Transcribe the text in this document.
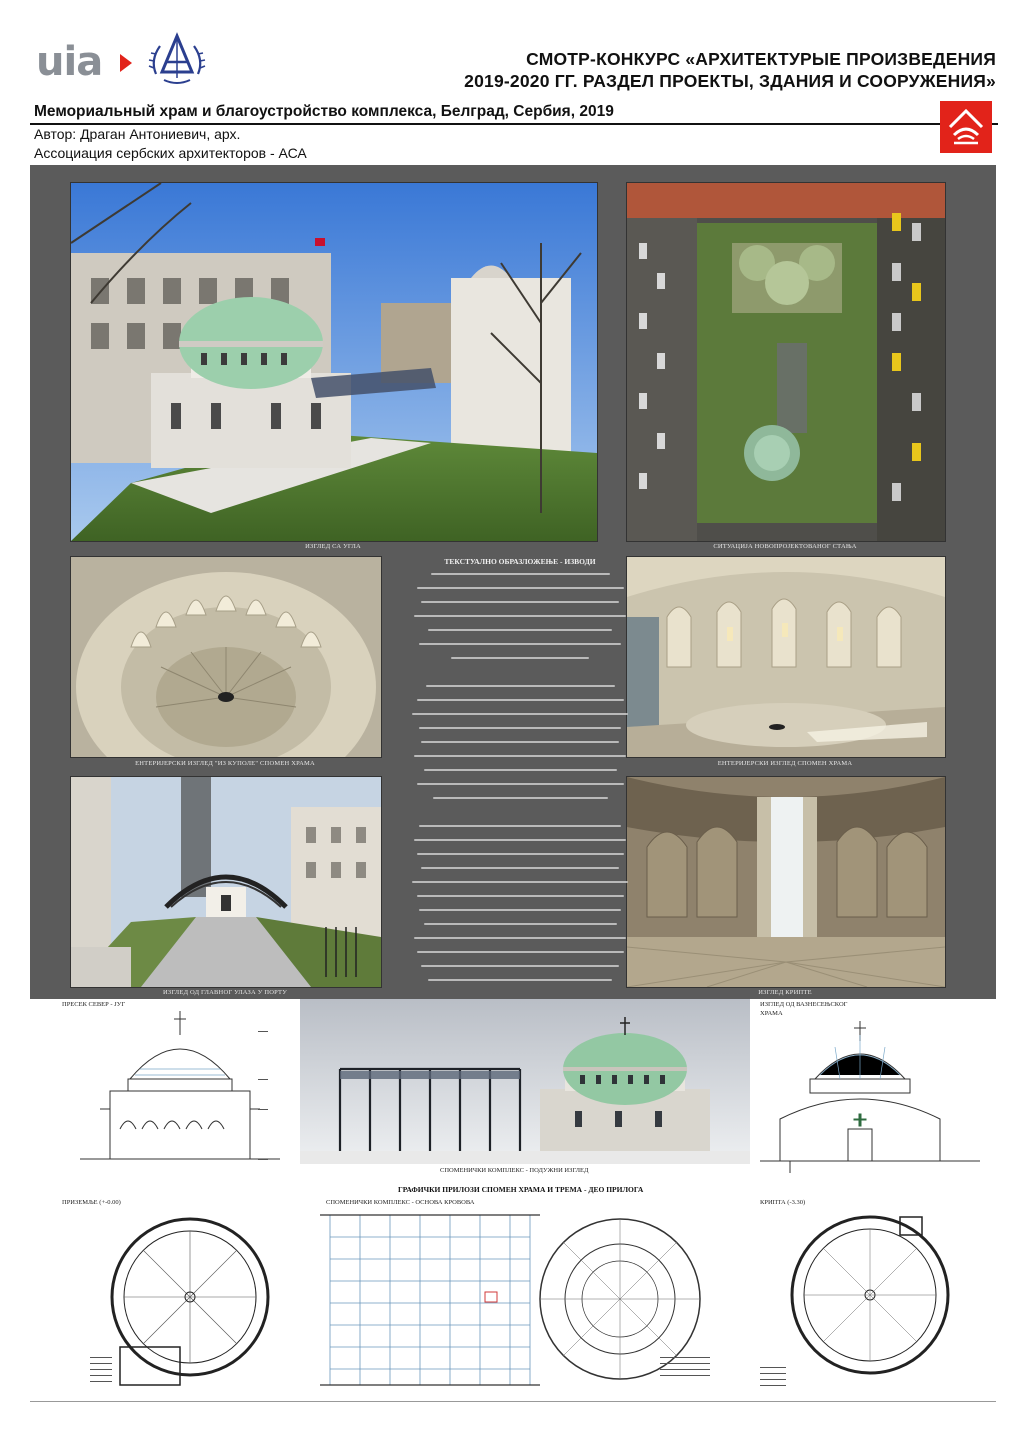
uia	СМОТР-КОНКУРС «АРХИТЕКТУРЫЕ ПРОИЗВЕДЕНИЯ
2019-2020 ГГ. РАЗДЕЛ ПРОЕКТЫ, ЗДАНИЯ И СООРУЖЕНИЯ»
Мемориальный храм и благоустройство комплекса, Белград, Сербия, 2019
Автор: Драган Антониевич, арх.
Ассоциация сербских архитекторов - АСА
ИЗГЛЕД СА УГЛА	СИТУАЦИЈА НОВОПРОЈЕКТОВАНОГ СТАЊА
ЕНТЕРИЈЕРСКИ ИЗГЛЕД "ИЗ КУПОЛЕ" СПОМЕН ХРАМА	ЕНТЕРИЈЕРСКИ ИЗГЛЕД СПОМЕН ХРАМА
ИЗГЛЕД ОД ГЛАВНОГ УЛАЗА У ПОРТУ	ИЗГЛЕД КРИПТЕ
ТЕКСТУАЛНО ОБРАЗЛОЖЕЊЕ - ИЗВОДИ
ПРЕСЕК СЕВЕР - ЈУГ
СПОМЕНИЧКИ КОМПЛЕКС - ПОДУЖНИ ИЗГЛЕД
ИЗГЛЕД ОД ВАЗНЕСЕЊСКОГ
ХРАМА
ГРАФИЧКИ ПРИЛОЗИ СПОМЕН ХРАМА И ТРЕМА - ДЕО ПРИЛОГА
ПРИЗЕМЉЕ (+-0.00)	СПОМЕНИЧКИ КОМПЛЕКС - ОСНОВА КРОВОВА	КРИПТА (-3.30)
